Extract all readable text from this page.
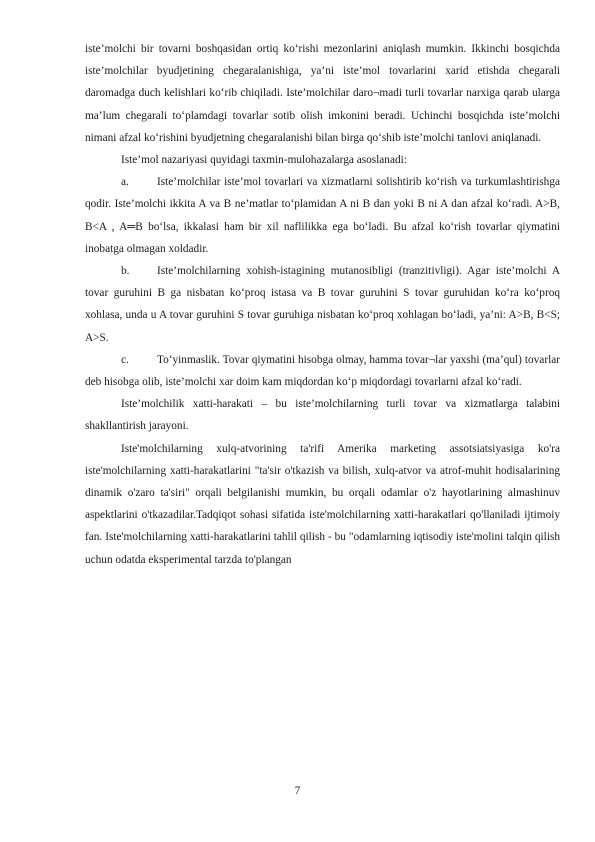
iste’molchi bir tovarni boshqasidan ortiq ko‘rishi mezonlarini aniqlash mumkin. Ikkinchi bosqichda iste’molchilar byudjetining chegaralanishiga, ya’ni iste’mol tovarlarini xarid etishda chegarali daromadga duch kelishlari ko‘rib chiqiladi. Iste’molchilar daro¬madi turli tovarlar narxiga qarab ularga ma’lum chegarali to‘plamdagi tovarlar sotib olish imkonini beradi. Uchinchi bosqichda iste’molchi nimani afzal ko‘rishini byudjetning chegaralanishi bilan birga qo‘shib iste’molchi tanlovi aniqlanadi.

Iste’mol nazariyasi quyidagi taxmin-mulohazalarga asoslanadi:

a. Iste’molchilar iste’mol tovarlari va xizmatlarni solishtirib ko‘rish va turkumlashtirishga qodir. Iste’molchi ikkita A va B ne’matlar to‘plamidan A ni B dan yoki B ni A dan afzal ko‘radi. A>B, B<A , A═B bo‘lsa, ikkalasi ham bir xil naflilikka ega bo‘ladi. Bu afzal ko‘rish tovarlar qiymatini inobatga olmagan xoldadir.

b. Iste’molchilarning xohish-istagining mutanosibligi (tranzitivligi). Agar iste’molchi A tovar guruhini B ga nisbatan ko‘proq istasa va B tovar guruhini S tovar guruhidan ko‘ra ko‘proq xohlasa, unda u A tovar guruhini S tovar guruhiga nisbatan ko‘proq xohlagan bo‘ladi, ya’ni: A>B, B<S; A>S.

c. To‘yinmaslik. Tovar qiymatini hisobga olmay, hamma tovar¬lar yaxshi (ma’qul) tovarlar deb hisobga olib, iste’molchi xar doim kam miqdordan ko‘p miqdordagi tovarlarni afzal ko‘radi.

Iste’molchilik xatti-harakati – bu iste’molchilarning turli tovar va xizmatlarga talabini shakllantirish jarayoni.

Iste'molchilarning xulq-atvorining ta'rifi Amerika marketing assotsiatsiyasiga ko'ra iste'molchilarning xatti-harakatlarini "ta'sir o'tkazish va bilish, xulq-atvor va atrof-muhit hodisalarining dinamik o'zaro ta'siri" orqali belgilanishi mumkin, bu orqali odamlar o'z hayotlarining almashinuv aspektlarini o'tkazadilar.Tadqiqot sohasi sifatida iste'molchilarning xatti-harakatlari qo'llaniladi ijtimoiy fan. Iste'molchilarning xatti-harakatlarini tahlil qilish - bu "odamlarning iqtisodiy iste'molini talqin qilish uchun odatda eksperimental tarzda to'plangan

7
